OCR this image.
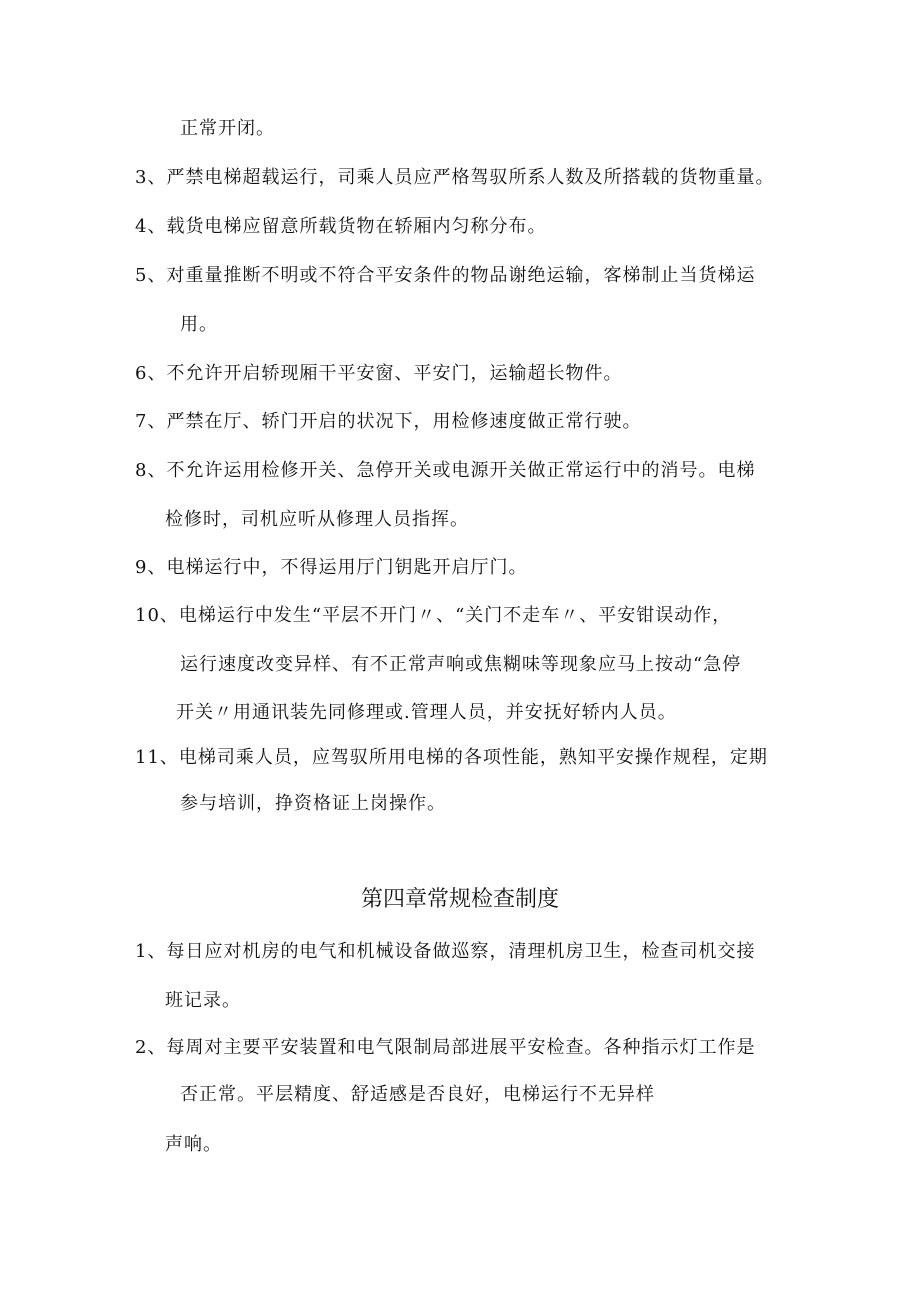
正常开闭。
3、严禁电梯超载运行，司乘人员应严格驾驭所系人数及所搭载的货物重量。
4、载货电梯应留意所载货物在轿厢内匀称分布。
5、对重量推断不明或不符合平安条件的物品谢绝运输，客梯制止当货梯运
用。
6、不允许开启轿现厢干平安窗、平安门，运输超长物件。
7、严禁在厅、轿门开启的状况下，用检修速度做正常行驶。
8、不允许运用检修开关、急停开关或电源开关做正常运行中的消号。电梯
检修时，司机应听从修理人员指挥。
9、电梯运行中，不得运用厅门钥匙开启厅门。
10、电梯运行中发生“平层不开门〃、“关门不走车〃、平安钳误动作，
运行速度改变异样、有不正常声响或焦糊味等现象应马上按动“急停
开关〃用通讯装先同修理或.管理人员，并安抚好轿内人员。
11、电梯司乘人员，应驾驭所用电梯的各项性能，熟知平安操作规程，定期
参与培训，挣资格证上岗操作。
第四章常规检查制度
1、每日应对机房的电气和机械设备做巡察，清理机房卫生，检查司机交接
班记录。
2、每周对主要平安装置和电气限制局部进展平安检查。各种指示灯工作是
否正常。平层精度、舒适感是否良好，电梯运行不无异样
声响。
